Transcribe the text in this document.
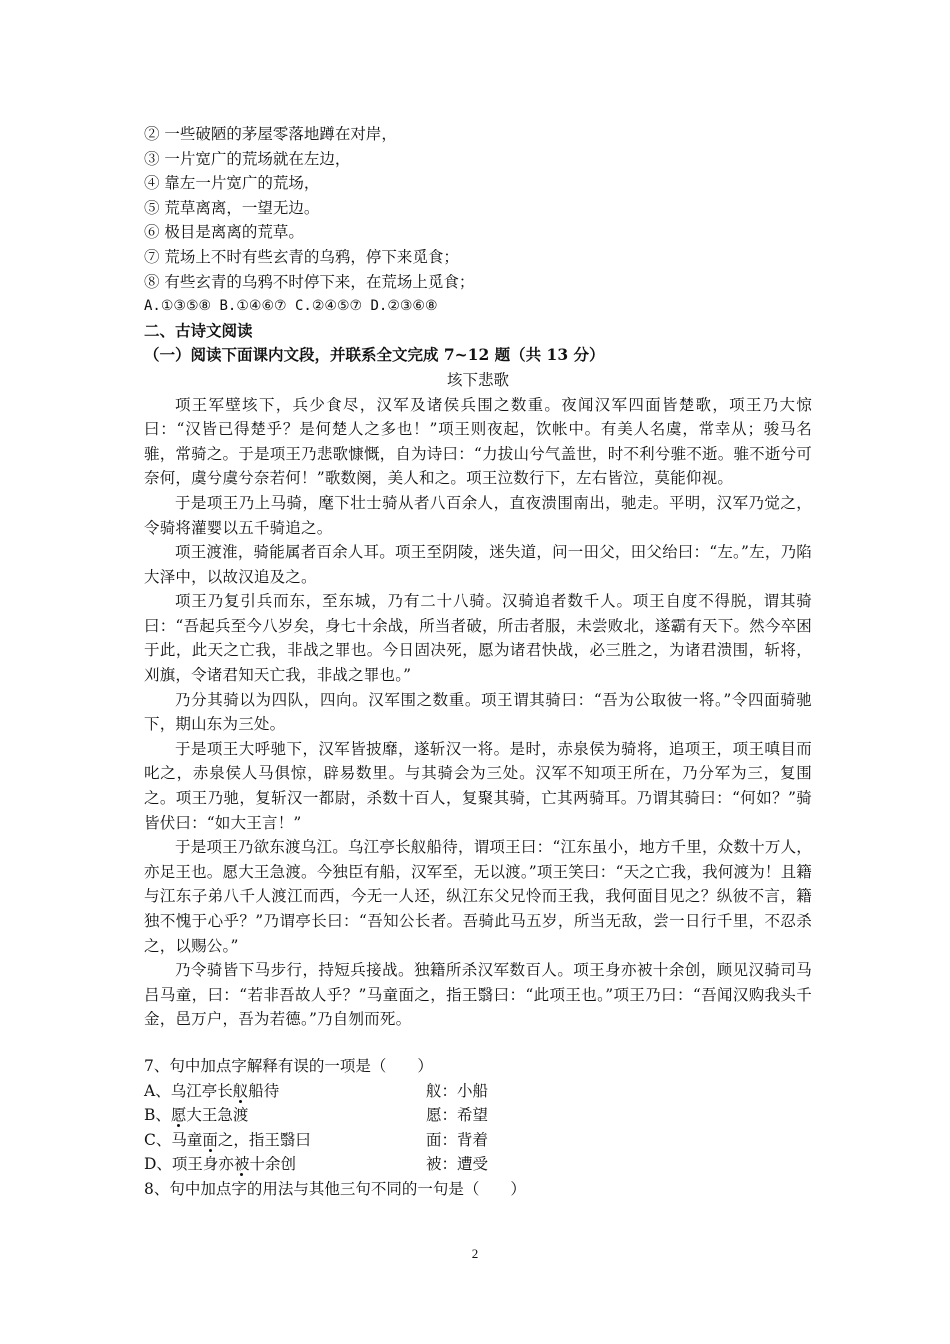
② 一些破陋的茅屋零落地蹲在对岸，
③ 一片宽广的荒场就在左边，
④ 靠左一片宽广的荒场，
⑤ 荒草离离，一望无边。
⑥ 极目是离离的荒草。
⑦ 荒场上不时有些玄青的乌鸦，停下来觅食；
⑧ 有些玄青的乌鸦不时停下来，在荒场上觅食；
A.①③⑤⑧ B.①④⑥⑦ C.②④⑤⑦ D.②③⑥⑧
二、古诗文阅读
（一）阅读下面课内文段，并联系全文完成 7~12 题（共 13 分）
垓下悲歌
项王军壁垓下，兵少食尽，汉军及诸侯兵围之数重。夜闻汉军四面皆楚歌，项王乃大惊曰：“汉皆已得楚乎？是何楚人之多也！”项王则夜起，饮帐中。有美人名虞，常幸从；骏马名骓，常骑之。于是项王乃悲歌慷慨，自为诗曰：“力拔山兮气盖世，时不利兮骓不逝。骓不逝兮可奈何，虞兮虞兮奈若何！”歌数阕，美人和之。项王泣数行下，左右皆泣，莫能仰视。
于是项王乃上马骑，麾下壮士骑从者八百余人，直夜溃围南出，驰走。平明，汉军乃觉之，令骑将灌婴以五千骑追之。
项王渡淮，骑能属者百余人耳。项王至阴陵，迷失道，问一田父，田父绐曰：“左。”左，乃陷大泽中，以故汉追及之。
项王乃复引兵而东，至东城，乃有二十八骑。汉骑追者数千人。项王自度不得脱，谓其骑曰：“吾起兵至今八岁矣，身七十余战，所当者破，所击者服，未尝败北，遂霸有天下。然今卒困于此，此天之亡我，非战之罪也。今日固决死，愿为诸君快战，必三胜之，为诸君溃围，斩将，刈旗，令诸君知天亡我，非战之罪也。”
乃分其骑以为四队，四向。汉军围之数重。项王谓其骑曰：“吾为公取彼一将。”令四面骑驰下，期山东为三处。
于是项王大呼驰下，汉军皆披靡，遂斩汉一将。是时，赤泉侯为骑将，追项王，项王嗔目而叱之，赤泉侯人马俱惊，辟易数里。与其骑会为三处。汉军不知项王所在，乃分军为三，复围之。项王乃驰，复斩汉一都尉，杀数十百人，复聚其骑，亡其两骑耳。乃谓其骑曰：“何如？”骑皆伏曰：“如大王言！”
于是项王乃欲东渡乌江。乌江亭长舣船待，谓项王曰：“江东虽小，地方千里，众数十万人，亦足王也。愿大王急渡。今独臣有船，汉军至，无以渡。”项王笑曰：“天之亡我，我何渡为！且籍与江东子弟八千人渡江而西，今无一人还，纵江东父兄怜而王我，我何面目见之？纵彼不言，籍独不愧于心乎？”乃谓亭长曰：“吾知公长者。吾骑此马五岁，所当无敌，尝一日行千里，不忍杀之，以赐公。”
乃令骑皆下马步行，持短兵接战。独籍所杀汉军数百人。项王身亦被十余创，顾见汉骑司马吕马童，曰：“若非吾故人乎？”马童面之，指王翳曰：“此项王也。”项王乃曰：“吾闻汉购我头千金，邑万户，吾为若德。”乃自刎而死。
7、句中加点字解释有误的一项是（　　）
A、乌江亭长舣船待	舣：小船
B、愿大王急渡	愿：希望
C、马童面之，指王翳曰	面：背着
D、项王身亦被十余创	被：遭受
8、句中加点字的用法与其他三句不同的一句是（　　）
2
